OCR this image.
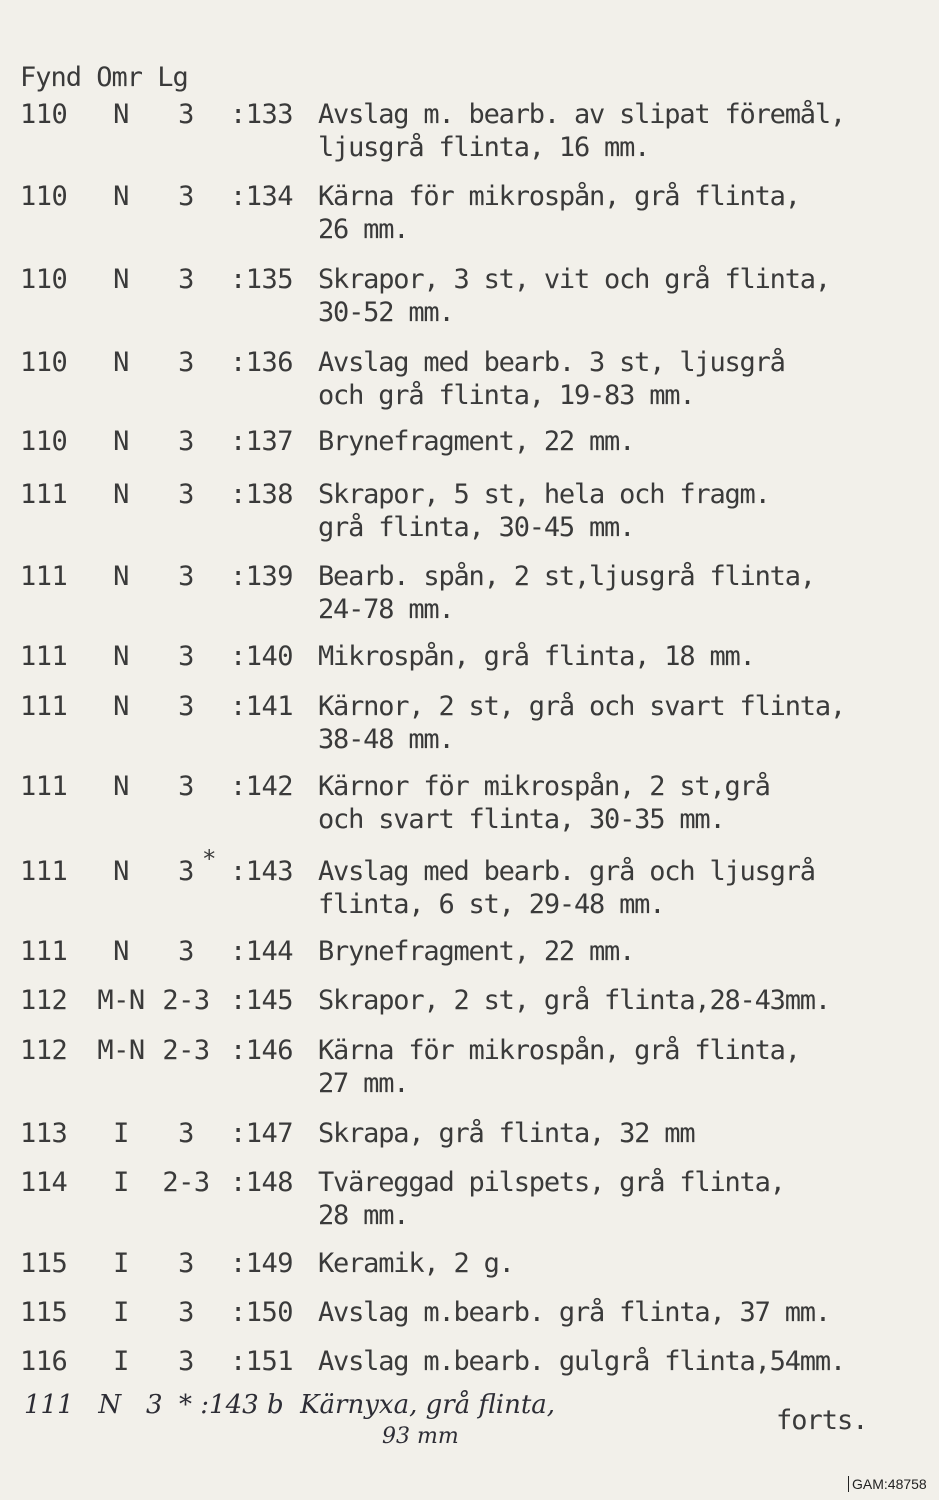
Fynd Omr Lg
110	N	3	:133 Avslag m. bearb. av slipat föremål,
ljusgrå flinta, 16 mm.
110	N	3	:134 Kärna för mikrospån, grå flinta,
26 mm.
110	N	3	:135 Skrapor, 3 st, vit och grå flinta,
30-52 mm.
110	N	3	:136 Avslag med bearb. 3 st, ljusgrå
och grå flinta, 19-83 mm.
110	N	3	:137 Brynefragment, 22 mm.
111	N	3	:138 Skrapor, 5 st, hela och fragm.
grå flinta, 30-45 mm.
111	N	3	:139 Bearb. spån, 2 st,ljusgrå flinta,
24-78 mm.
111	N	3	:140 Mikrospån, grå flinta, 18 mm.
111	N	3	:141 Kärnor, 2 st, grå och svart flinta,
38-48 mm.
111	N	3	:142 Kärnor för mikrospån, 2 st,grå
och svart flinta, 30-35 mm.
111	N	3	:143 Avslag med bearb. grå och ljusgrå
flinta, 6 st, 29-48 mm.
*
111	N	3	:144 Brynefragment, 22 mm.
112	M-N 2-3 :145 Skrapor, 2 st, grå flinta,28-43mm.
112	M-N 2-3 :146 Kärna för mikrospån, grå flinta,
27 mm.
113	I	3	:147 Skrapa, grå flinta, 32 mm
114	I	2-3 :148 Tväreggad pilspets, grå flinta,
28 mm.
115	I	3	:149 Keramik, 2 g.
115	I	3	:150 Avslag m.bearb. grå flinta, 37 mm.
116	I	3	:151 Avslag m.bearb. gulgrå flinta,54mm.
111   N   3  * :143 b  Kärnyxa, grå flinta,
93 mm
forts.
GAM:48758
